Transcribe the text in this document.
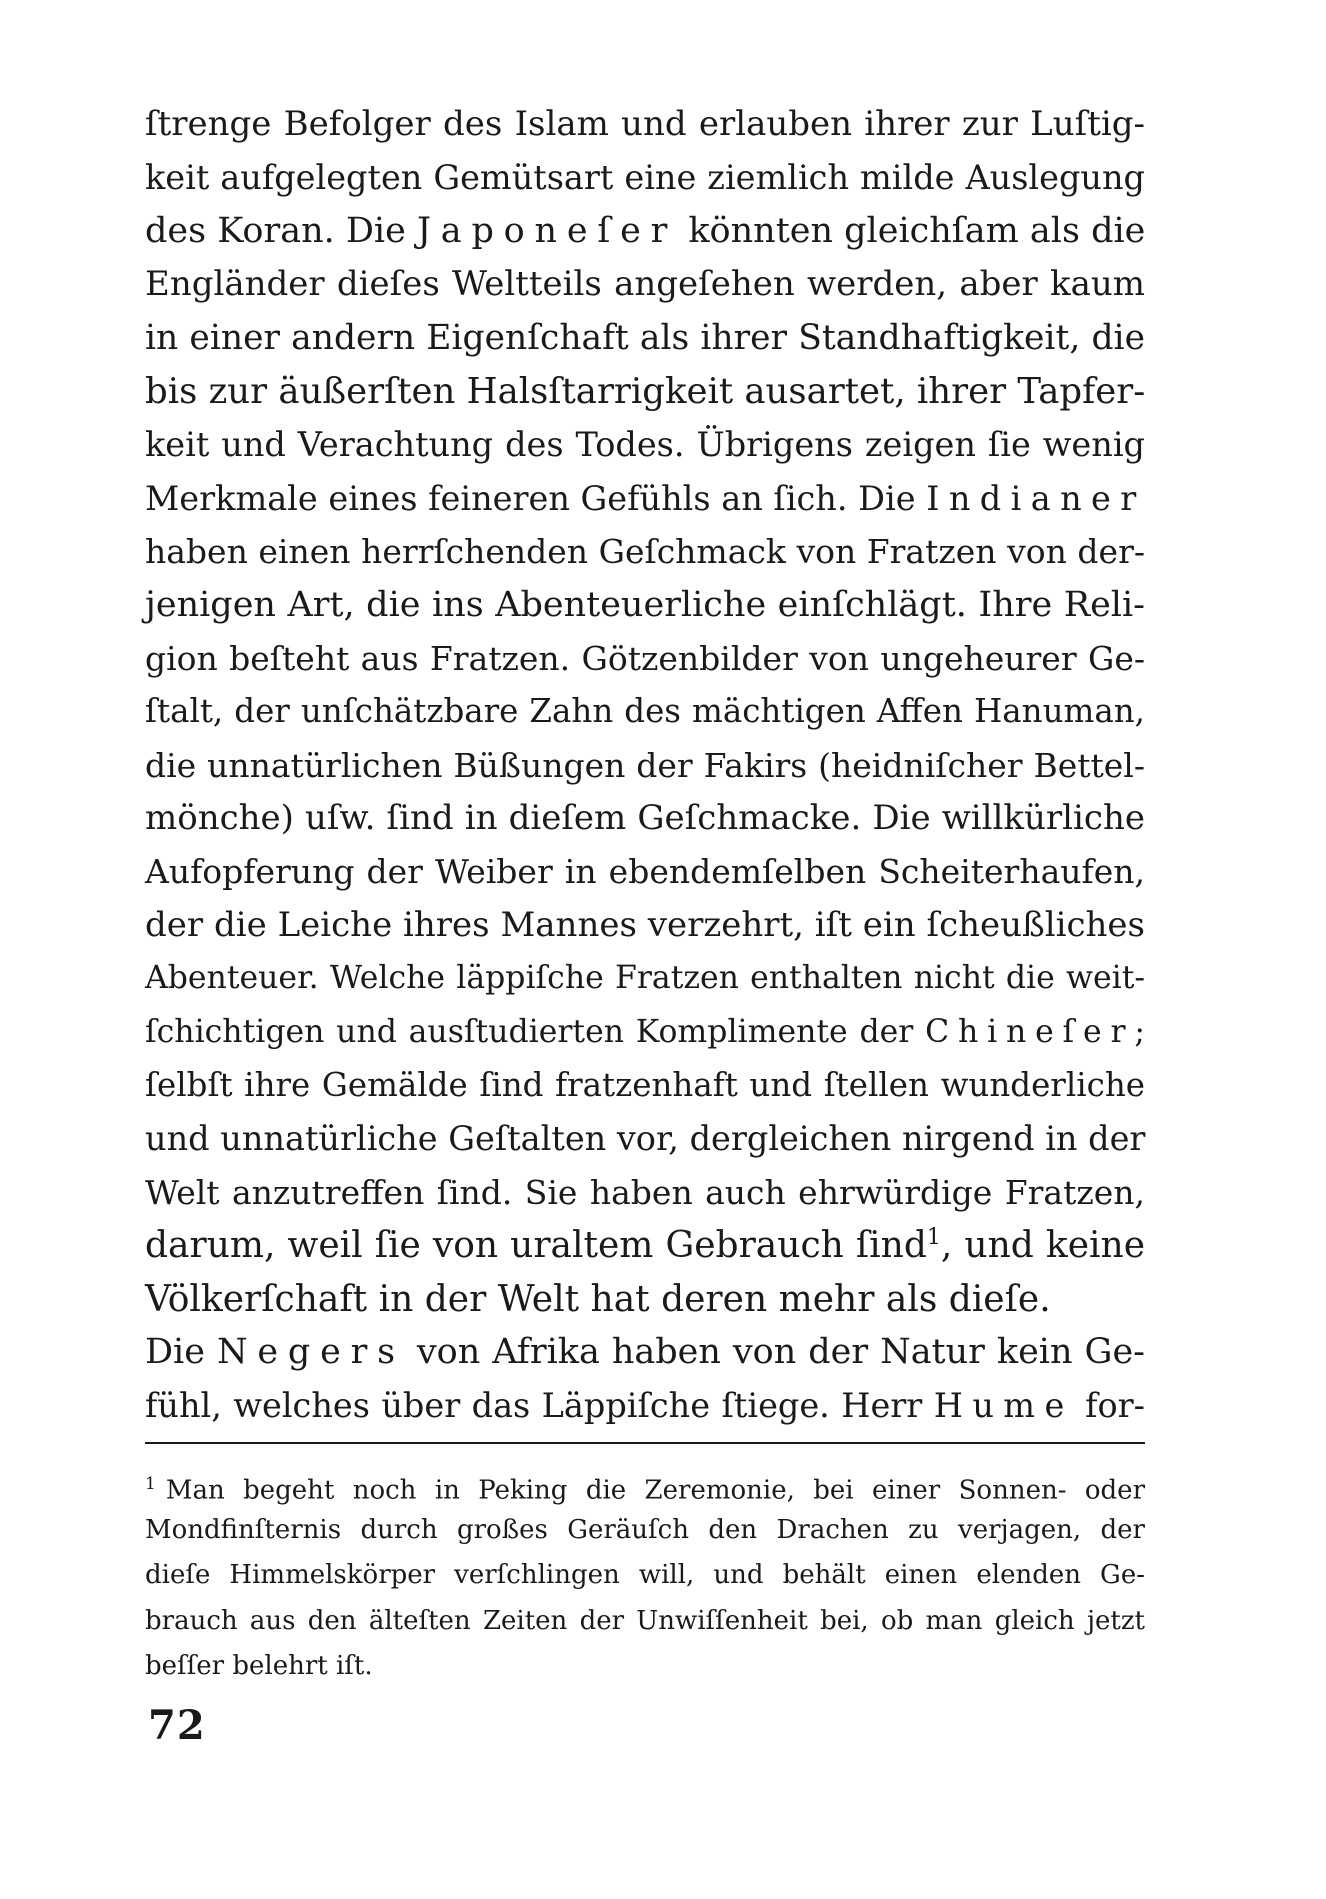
ſtrenge Befolger des Islam und erlauben ihrer zur Luſtig-
keit aufgelegten Gemütsart eine ziemlich milde Auslegung
des Koran. Die Japoneſer könnten gleichſam als die
Engländer dieſes Weltteils angeſehen werden, aber kaum
in einer andern Eigenſchaft als ihrer Standhaftigkeit, die
bis zur äußerſten Halsſtarrigkeit ausartet, ihrer Tapfer-
keit und Verachtung des Todes. Übrigens zeigen ſie wenig
Merkmale eines feineren Gefühls an ſich. Die Indianer
haben einen herrſchenden Geſchmack von Fratzen von der-
jenigen Art, die ins Abenteuerliche einſchlägt. Ihre Reli-
gion beſteht aus Fratzen. Götzenbilder von ungeheurer Ge-
ſtalt, der unſchätzbare Zahn des mächtigen Affen Hanuman,
die unnatürlichen Büßungen der Fakirs (heidniſcher Bettel-
mönche) uſw. ſind in dieſem Geſchmacke. Die willkürliche
Aufopferung der Weiber in ebendemſelben Scheiterhaufen,
der die Leiche ihres Mannes verzehrt, iſt ein ſcheußliches
Abenteuer. Welche läppiſche Fratzen enthalten nicht die weit-
ſchichtigen und ausſtudierten Komplimente der Chineſer;
ſelbſt ihre Gemälde ſind fratzenhaft und ſtellen wunderliche
und unnatürliche Geſtalten vor, dergleichen nirgend in der
Welt anzutreffen ſind. Sie haben auch ehrwürdige Fratzen,
darum, weil ſie von uraltem Gebrauch ſind$^1$, und keine
Völkerſchaft in der Welt hat deren mehr als dieſe.
Die Negers von Afrika haben von der Natur kein Ge-
fühl, welches über das Läppiſche ſtiege. Herr Hume for-
$^1$ Man begeht noch in Peking die Zeremonie, bei einer Sonnen- oder
Mondfinſternis durch großes Geräuſch den Drachen zu verjagen, der
dieſe Himmelskörper verſchlingen will, und behält einen elenden Ge-
brauch aus den älteſten Zeiten der Unwiſſenheit bei, ob man gleich jetzt
beſſer belehrt iſt.
72
